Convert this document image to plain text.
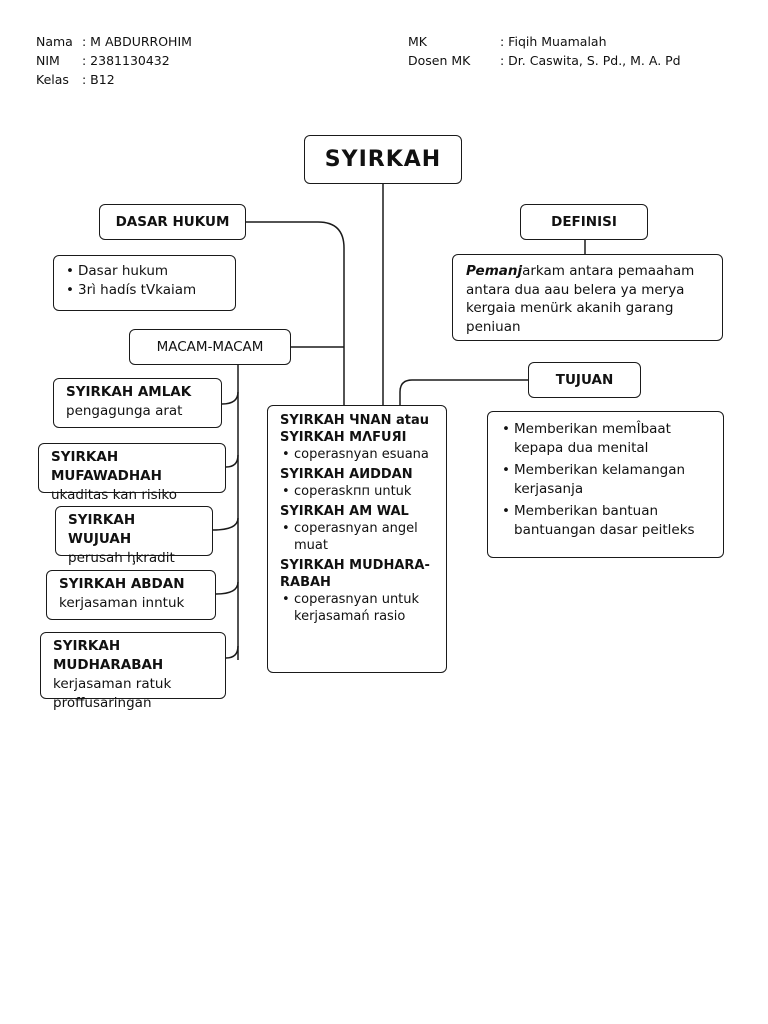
Nama : M ABDURROHIM
NIM : 2381130432
Kelas : B12
MK	: Fiqih Muamalah
Dosen MK : Dr. Caswita, S. Pd., M. A. Pd
SYIRKAH
DASAR HUKUM
• Dasar hukum
• 3rì hadís tVkaiam
DEFINISI
Pemanjarkam antara pemaaham antara dua aau belera ya merya kergaia menürk akanih garang peniuan
MACAM-MACAM
SYIRKAH AMLAK
pengagunga arat
SYIRKAH MUFAWADHAH
ukaditas kan risiko
SYIRKAH WUJUAH
perusah ꞕkradit
SYIRKAH ABDAN
kerjasaman inntuk
SYIRKAH MUDHARABAH
kerjasaman ratuk proffusaringan
SYIRKAH ЧNAN atau SYIRKAH MɅFUЯI
• coperasnyan esuana
SYIRKAH AИDDAN
• coperaskпп untuk
SYIRKAH AM WAL
• coperasnyan angel muat
SYIRKAH MUDHARA-RABAH
• coperasnyan untuk kerjasamań rasio
TUJUAN
• Memberikan memÎbaat kepapa dua menital
• Memberikan kelamangan kerjasanja
• Memberikan bantuan bantuangan dasar peitleks
